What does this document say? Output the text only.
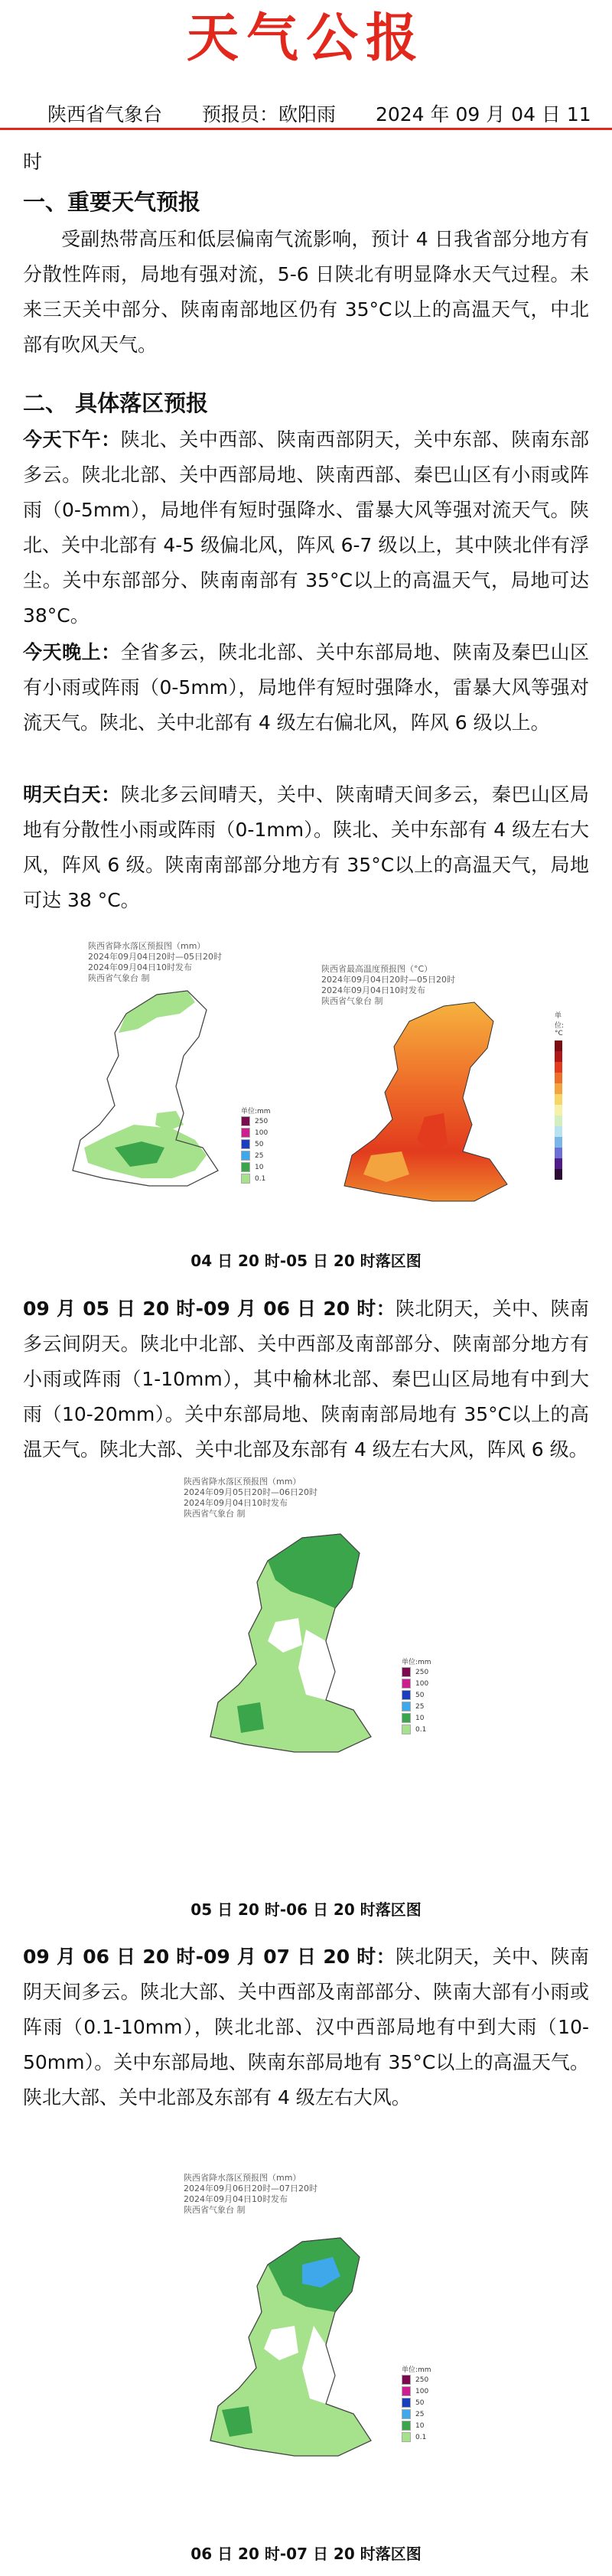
天气公报
陕西省气象台 预报员：欧阳雨 2024 年 09 月 04 日 11
时
一、重要天气预报
受副热带高压和低层偏南气流影响，预计 4 日我省部分地方有分散性阵雨，局地有强对流，5-6 日陕北有明显降水天气过程。未来三天关中部分、陕南南部地区仍有 35°C以上的高温天气，中北部有吹风天气。
二、 具体落区预报
今天下午：陕北、关中西部、陕南西部阴天，关中东部、陕南东部多云。陕北北部、关中西部局地、陕南西部、秦巴山区有小雨或阵雨（0-5mm），局地伴有短时强降水、雷暴大风等强对流天气。陕北、关中北部有 4-5 级偏北风，阵风 6-7 级以上，其中陕北伴有浮尘。关中东部部分、陕南南部有 35°C以上的高温天气，局地可达 38°C。
今天晚上：全省多云，陕北北部、关中东部局地、陕南及秦巴山区有小雨或阵雨（0-5mm），局地伴有短时强降水，雷暴大风等强对流天气。陕北、关中北部有 4 级左右偏北风，阵风 6 级以上。
明天白天：陕北多云间晴天，关中、陕南晴天间多云，秦巴山区局地有分散性小雨或阵雨（0-1mm）。陕北、关中东部有 4 级左右大风，阵风 6 级。陕南南部部分地方有 35°C以上的高温天气，局地可达 38 °C。
陕西省降水落区预报图（mm）
2024年09月04日20时—05日20时
2024年09月04日10时发布
陕西省气象台 制
单位:mm
250
100
50
25
10
0.1
陕西省最高温度预报图（°C）
2024年09月04日20时—05日20时
2024年09月04日10时发布
陕西省气象台 制
单位:°C
04 日 20 时-05 日 20 时落区图
09 月 05 日 20 时-09 月 06 日 20 时：陕北阴天，关中、陕南多云间阴天。陕北中北部、关中西部及南部部分、陕南部分地方有小雨或阵雨（1-10mm），其中榆林北部、秦巴山区局地有中到大雨（10-20mm）。关中东部局地、陕南南部局地有 35°C以上的高温天气。陕北大部、关中北部及东部有 4 级左右大风，阵风 6 级。
陕西省降水落区预报图（mm）
2024年09月05日20时—06日20时
2024年09月04日10时发布
陕西省气象台 制
单位:mm
250
100
50
25
10
0.1
05 日 20 时-06 日 20 时落区图
09 月 06 日 20 时-09 月 07 日 20 时：陕北阴天，关中、陕南阴天间多云。陕北大部、关中西部及南部部分、陕南大部有小雨或阵雨（0.1-10mm），陕北北部、汉中西部局地有中到大雨（10-50mm）。关中东部局地、陕南东部局地有 35°C以上的高温天气。陕北大部、关中北部及东部有 4 级左右大风。
陕西省降水落区预报图（mm）
2024年09月06日20时—07日20时
2024年09月04日10时发布
陕西省气象台 制
单位:mm
250
100
50
25
10
0.1
06 日 20 时-07 日 20 时落区图
